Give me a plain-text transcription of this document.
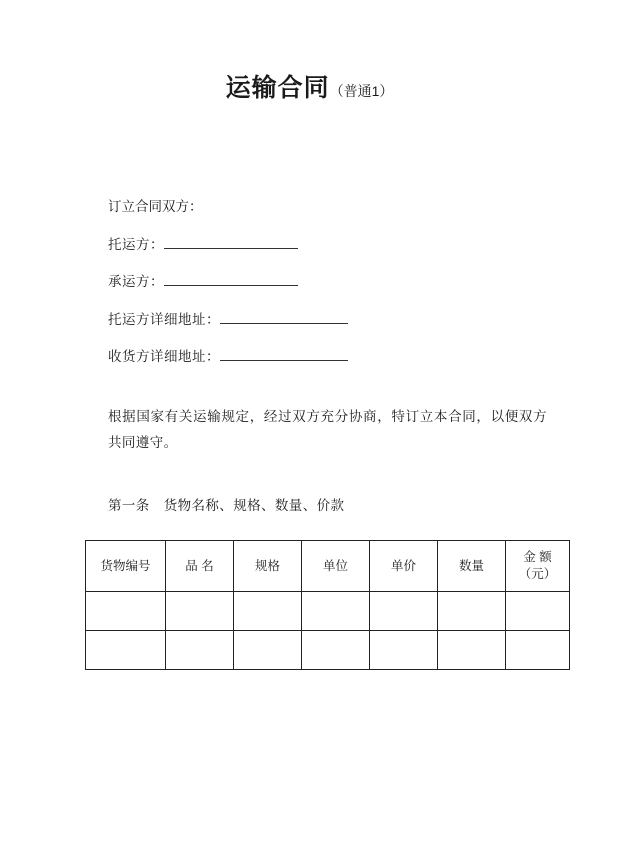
运输合同（普通1）
订立合同双方：
托运方：
承运方：
托运方详细地址：
收货方详细地址：
根据国家有关运输规定，经过双方充分协商，特订立本合同，以便双方共同遵守。
第一条 货物名称、规格、数量、价款
货物编号	品 名	规格	单位	单价	数量	金 额
（元）
